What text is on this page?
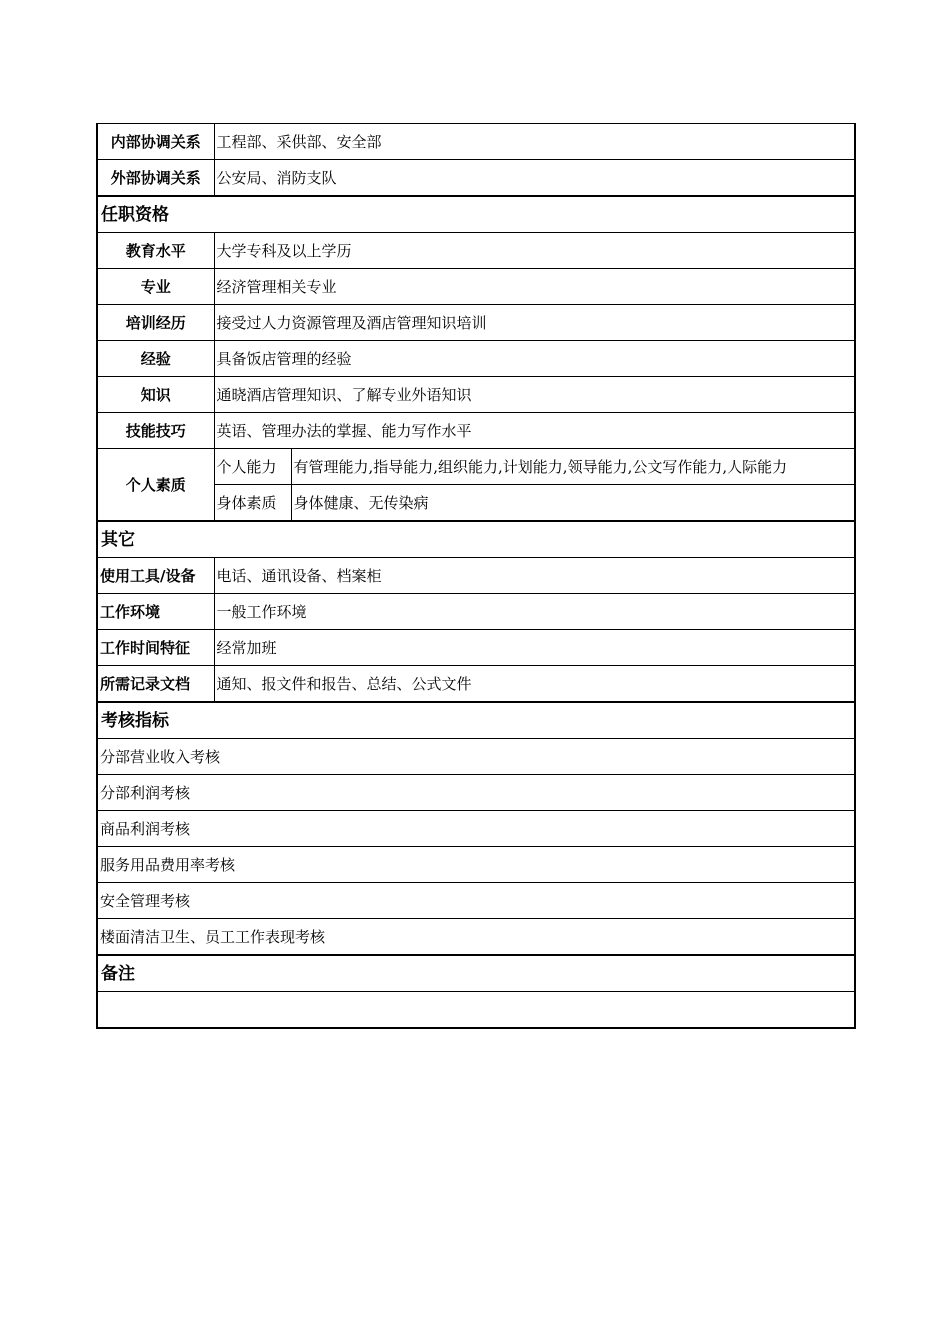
内部协调关系	工程部、采供部、安全部	
外部协调关系	公安局、消防支队	
任职资格		
教育水平	大学专科及以上学历	
专业	经济管理相关专业	
培训经历	接受过人力资源管理及酒店管理知识培训	
经验	具备饭店管理的经验	
知识	通晓酒店管理知识、了解专业外语知识	
技能技巧	英语、管理办法的掌握、能力写作水平	
个人素质	个人能力	有管理能力,指导能力,组织能力,计划能力,领导能力,公文写作能力,人际能力
	身体素质	身体健康、无传染病
其它		
使用工具/设备	电话、通讯设备、档案柜	
工作环境	一般工作环境	
工作时间特征	经常加班	
所需记录文档	通知、报文件和报告、总结、公式文件	
考核指标		
分部营业收入考核		
分部利润考核		
商品利润考核		
服务用品费用率考核		
安全管理考核		
楼面清洁卫生、员工工作表现考核		
备注		
